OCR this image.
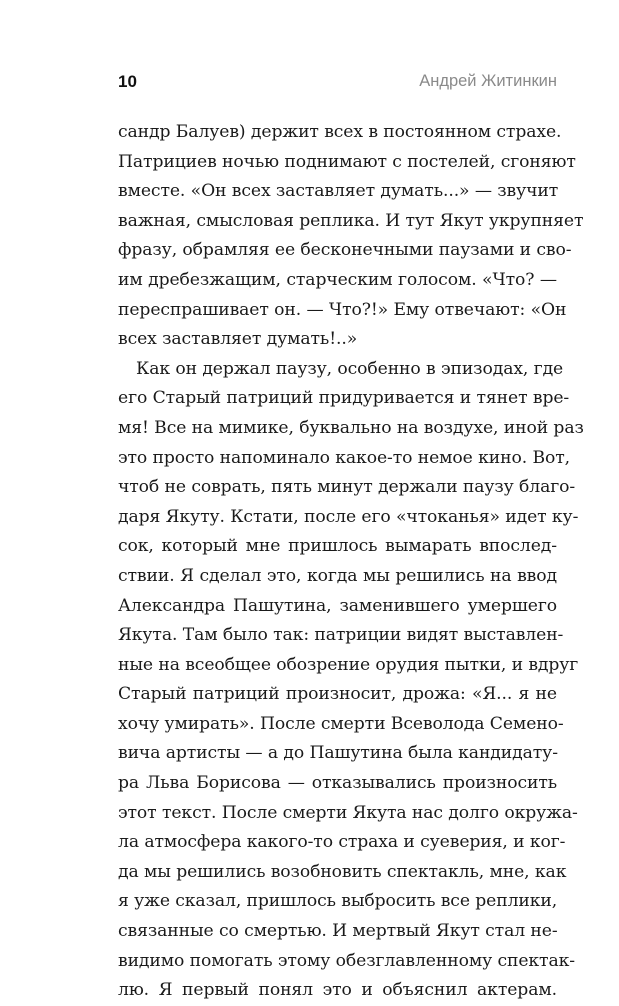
10	Андрей Житинкин
сандр Балуев) держит всех в постоянном страхе.
Патрициев ночью поднимают с постелей, сгоняют
вместе. «Он всех заставляет думать...» — звучит
важная, смысловая реплика. И тут Якут укрупняет
фразу, обрамляя ее бесконечными паузами и сво-
им дребезжащим, старческим голосом. «Что? —
переспрашивает он. — Что?!» Ему отвечают: «Он
всех заставляет думать!..»
Как он держал паузу, особенно в эпизодах, где
его Старый патриций придуривается и тянет вре-
мя! Все на мимике, буквально на воздухе, иной раз
это просто напоминало какое-то немое кино. Вот,
чтоб не соврать, пять минут держали паузу благо-
даря Якуту. Кстати, после его «чтоканья» идет ку-
сок, который мне пришлось вымарать впослед-
ствии. Я сделал это, когда мы решились на ввод
Александра Пашутина, заменившего умершего
Якута. Там было так: патриции видят выставлен-
ные на всеобщее обозрение орудия пытки, и вдруг
Старый патриций произносит, дрожа: «Я... я не
хочу умирать». После смерти Всеволода Семено-
вича артисты — а до Пашутина была кандидату-
ра Льва Борисова — отказывались произносить
этот текст. После смерти Якута нас долго окружа-
ла атмосфера какого-то страха и суеверия, и ког-
да мы решились возобновить спектакль, мне, как
я уже сказал, пришлось выбросить все реплики,
связанные со смертью. И мертвый Якут стал не-
видимо помогать этому обезглавленному спектак-
лю. Я первый понял это и объяснил актерам.
